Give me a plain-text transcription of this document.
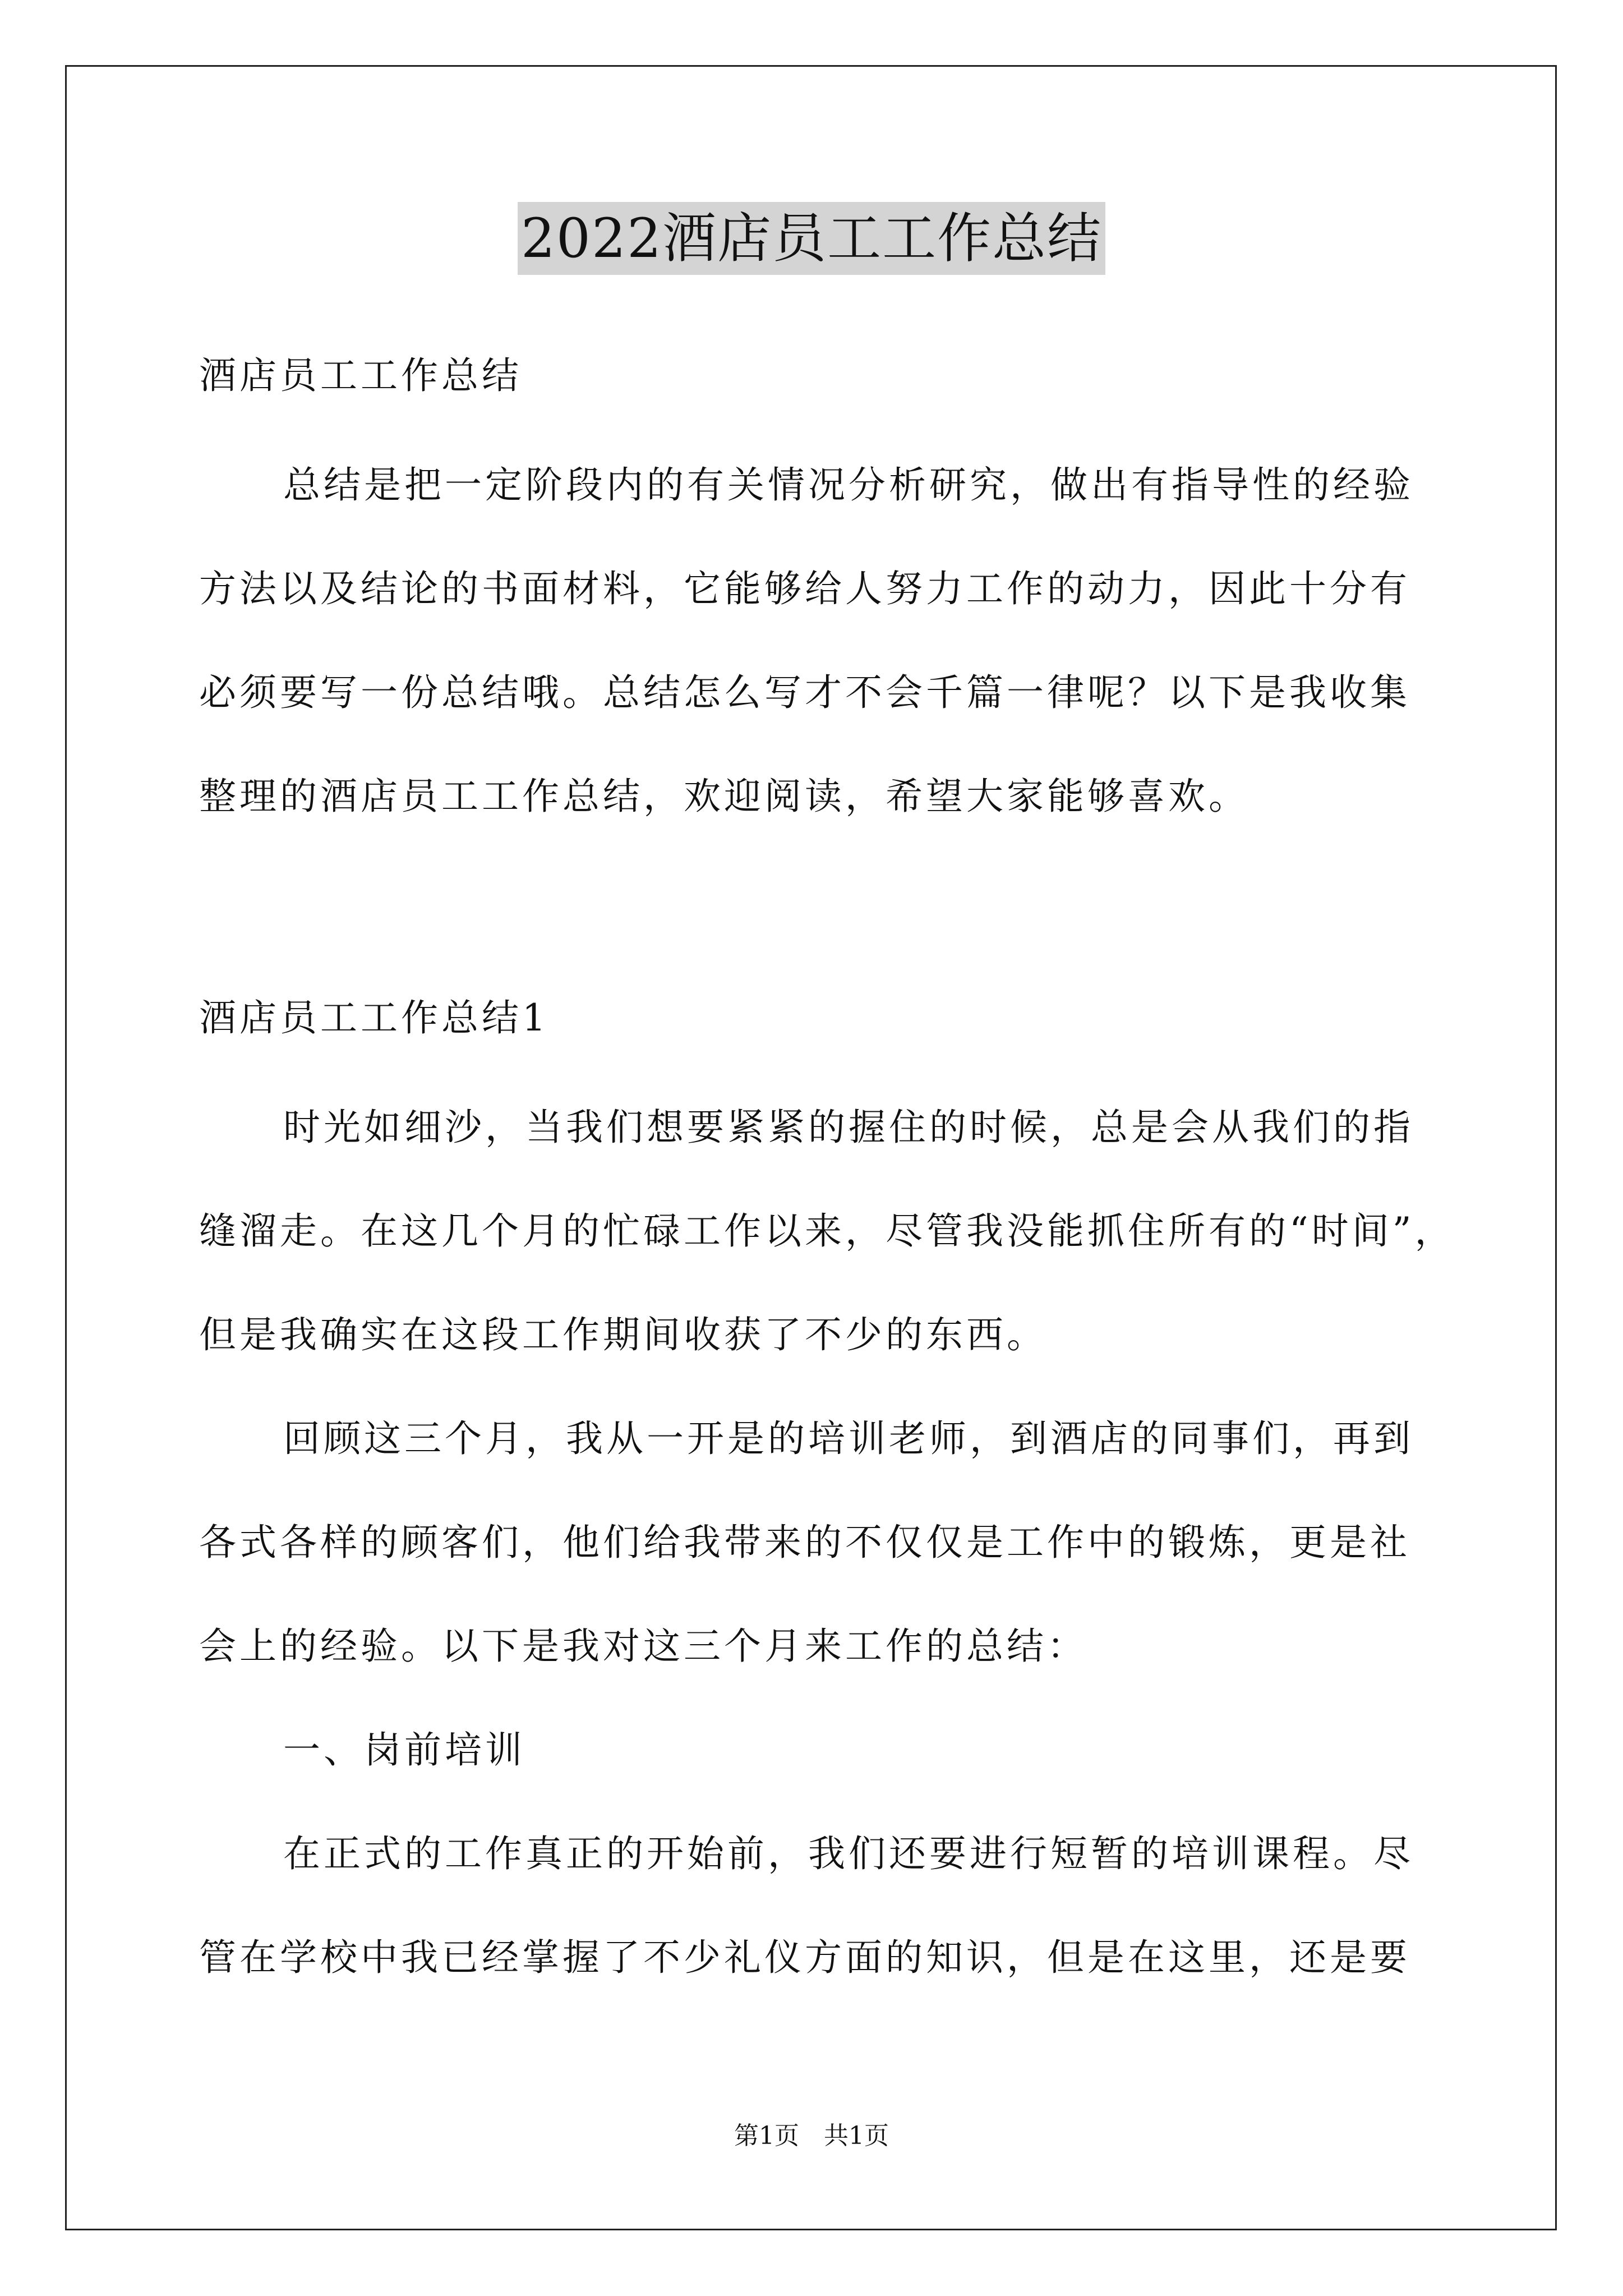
2022酒店员工工作总结
酒店员工工作总结
总结是把一定阶段内的有关情况分析研究，做出有指导性的经验
方法以及结论的书面材料，它能够给人努力工作的动力，因此十分有
必须要写一份总结哦。总结怎么写才不会千篇一律呢？以下是我收集
整理的酒店员工工作总结，欢迎阅读，希望大家能够喜欢。
酒店员工工作总结1
时光如细沙，当我们想要紧紧的握住的时候，总是会从我们的指
缝溜走。在这几个月的忙碌工作以来，尽管我没能抓住所有的“时间”，
但是我确实在这段工作期间收获了不少的东西。
回顾这三个月，我从一开是的培训老师，到酒店的同事们，再到
各式各样的顾客们，他们给我带来的不仅仅是工作中的锻炼，更是社
会上的经验。以下是我对这三个月来工作的总结：
一、岗前培训
在正式的工作真正的开始前，我们还要进行短暂的培训课程。尽
管在学校中我已经掌握了不少礼仪方面的知识，但是在这里，还是要
第1页　共1页
